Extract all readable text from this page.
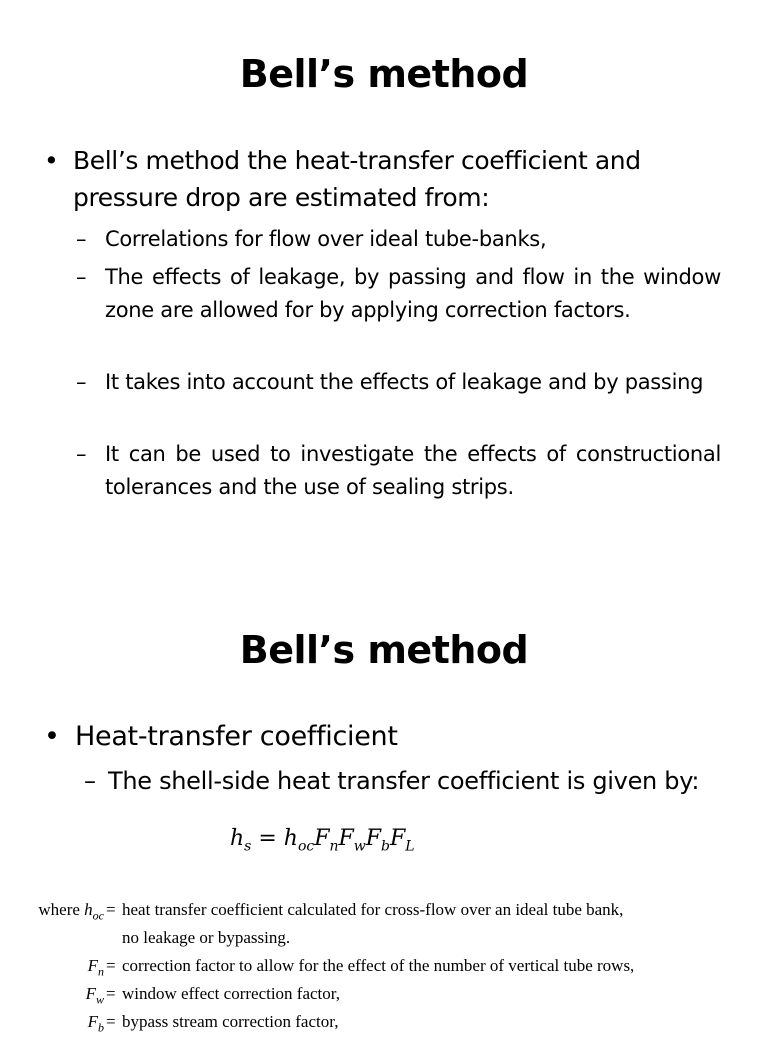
Bell’s method
• Bell’s method the heat-transfer coefficient and pressure drop are estimated from:
– Correlations for flow over ideal tube-banks,
– The effects of leakage, by passing and flow in the window zone are allowed for by applying correction factors.
– It takes into account the effects of leakage and by passing
– It can be used to investigate the effects of constructional tolerances and the use of sealing strips.
Bell’s method
• Heat-transfer coefficient
– The shell-side heat transfer coefficient is given by:
$h_s = h_{oc}F_nF_wF_bF_L$
where $h_{oc}$ = heat transfer coefficient calculated for cross-flow over an ideal tube bank,
no leakage or bypassing.
$F_n$ = correction factor to allow for the effect of the number of vertical tube rows,
$F_w$ = window effect correction factor,
$F_b$ = bypass stream correction factor,
